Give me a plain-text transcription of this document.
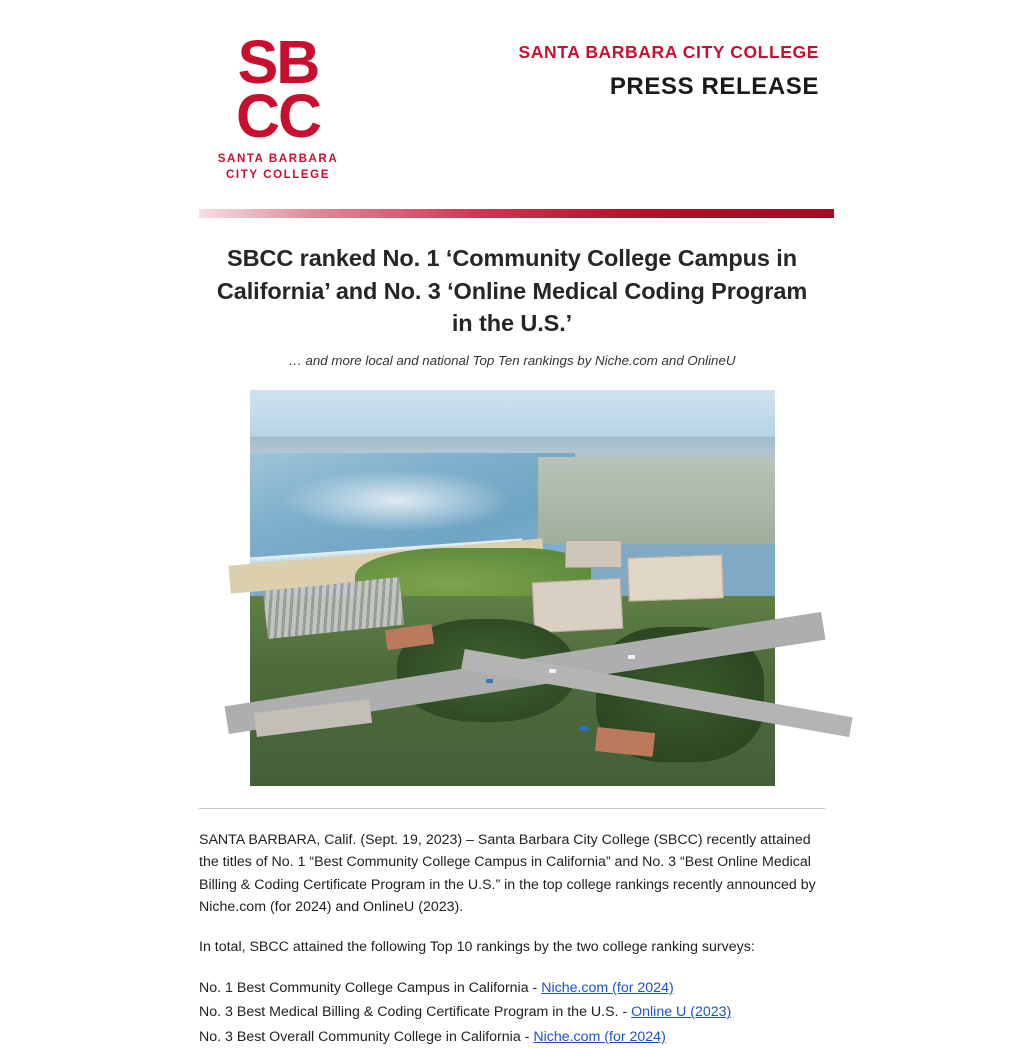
SB
CC
SANTA BARBARA
CITY COLLEGE
SANTA BARBARA CITY COLLEGE
PRESS RELEASE
SBCC ranked No. 1 ‘Community College Campus in California’ and No. 3 ‘Online Medical Coding Program in the U.S.’
… and more local and national Top Ten rankings by Niche.com and OnlineU

SANTA BARBARA, Calif. (Sept. 19, 2023) – Santa Barbara City College (SBCC) recently attained the titles of No. 1 “Best Community College Campus in California” and No. 3 “Best Online Medical Billing & Coding Certificate Program in the U.S.” in the top college rankings recently announced by Niche.com (for 2024) and OnlineU (2023).

In total, SBCC attained the following Top 10 rankings by the two college ranking surveys:

No. 1 Best Community College Campus in California - Niche.com (for 2024)
No. 3 Best Medical Billing & Coding Certificate Program in the U.S. - Online U (2023)
No. 3 Best Overall Community College in California - Niche.com (for 2024)
